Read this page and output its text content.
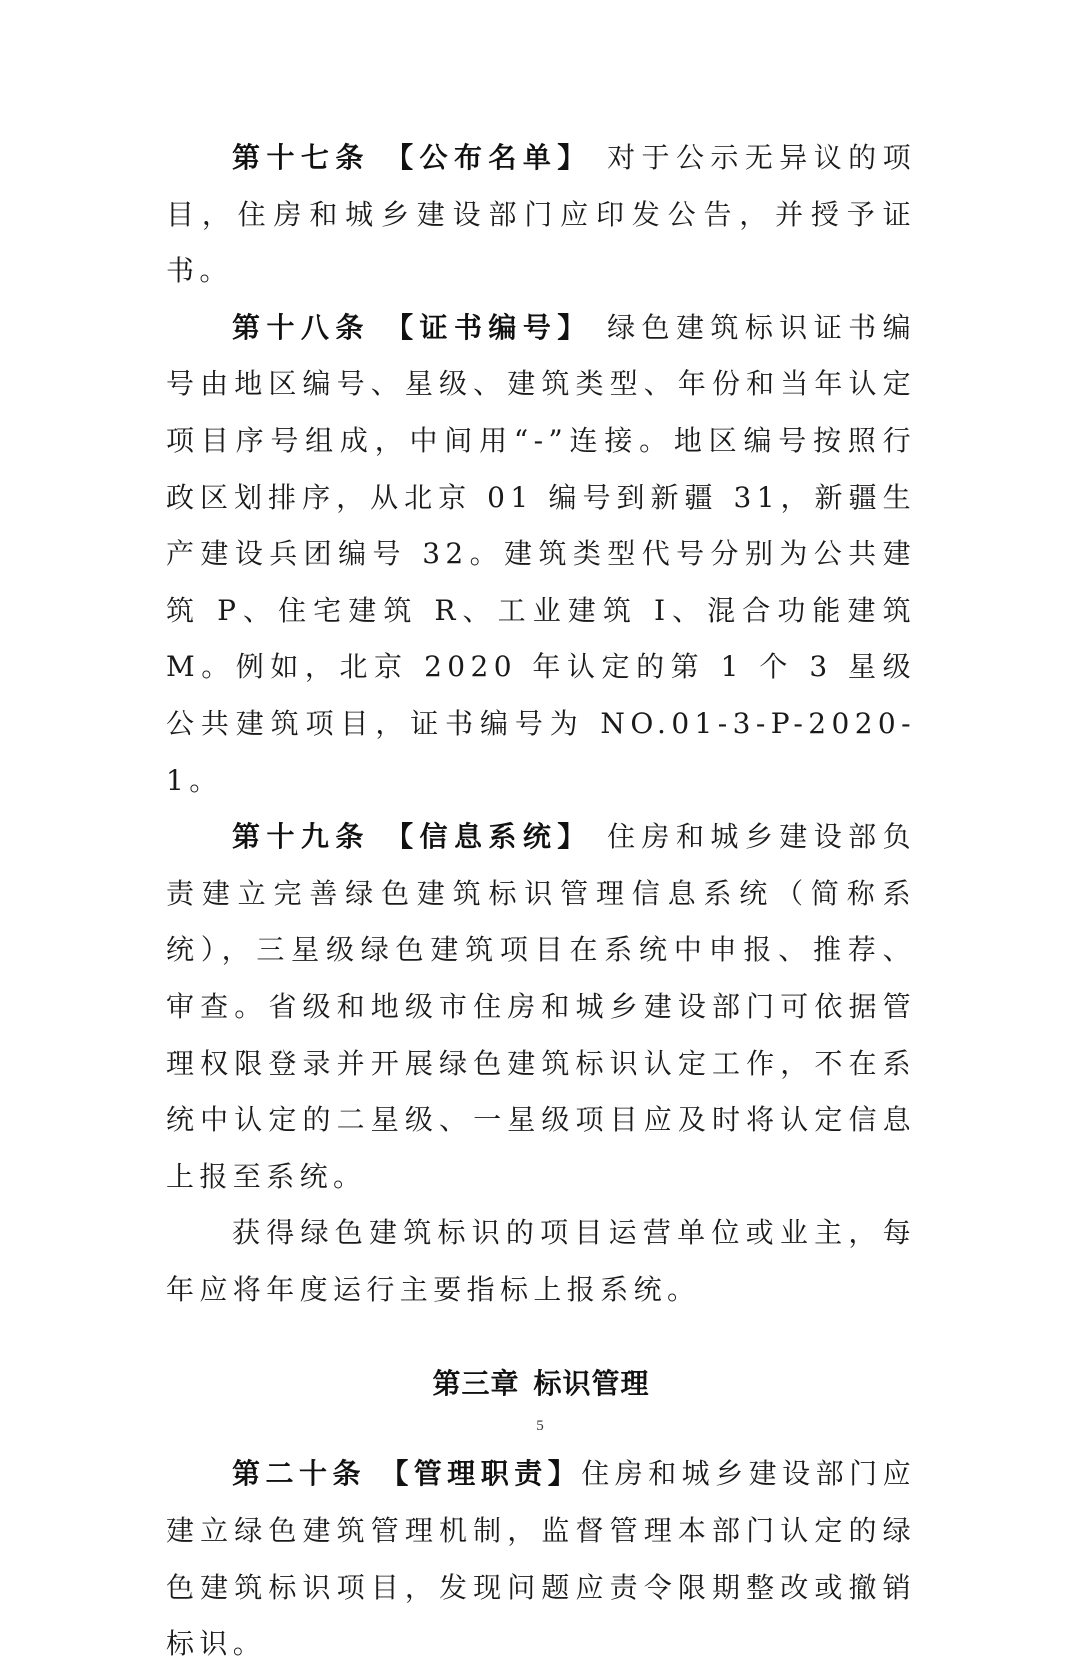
第十七条 【公布名单】 对于公示无异议的项目，住房和城乡建设部门应印发公告，并授予证书。

第十八条 【证书编号】 绿色建筑标识证书编号由地区编号、星级、建筑类型、年份和当年认定项目序号组成，中间用“-”连接。地区编号按照行政区划排序，从北京 01 编号到新疆 31，新疆生产建设兵团编号 32。建筑类型代号分别为公共建筑 P、住宅建筑 R、工业建筑 I、混合功能建筑 M。例如，北京 2020 年认定的第 1 个 3 星级公共建筑项目，证书编号为 NO.01-3-P-2020-1。

第十九条 【信息系统】 住房和城乡建设部负责建立完善绿色建筑标识管理信息系统（简称系统），三星级绿色建筑项目在系统中申报、推荐、审查。省级和地级市住房和城乡建设部门可依据管理权限登录并开展绿色建筑标识认定工作，不在系统中认定的二星级、一星级项目应及时将认定信息上报至系统。

获得绿色建筑标识的项目运营单位或业主，每年应将年度运行主要指标上报系统。

第三章 标识管理

第二十条 【管理职责】住房和城乡建设部门应建立绿色建筑管理机制，监督管理本部门认定的绿色建筑标识项目，发现问题应责令限期整改或撤销标识。

5
